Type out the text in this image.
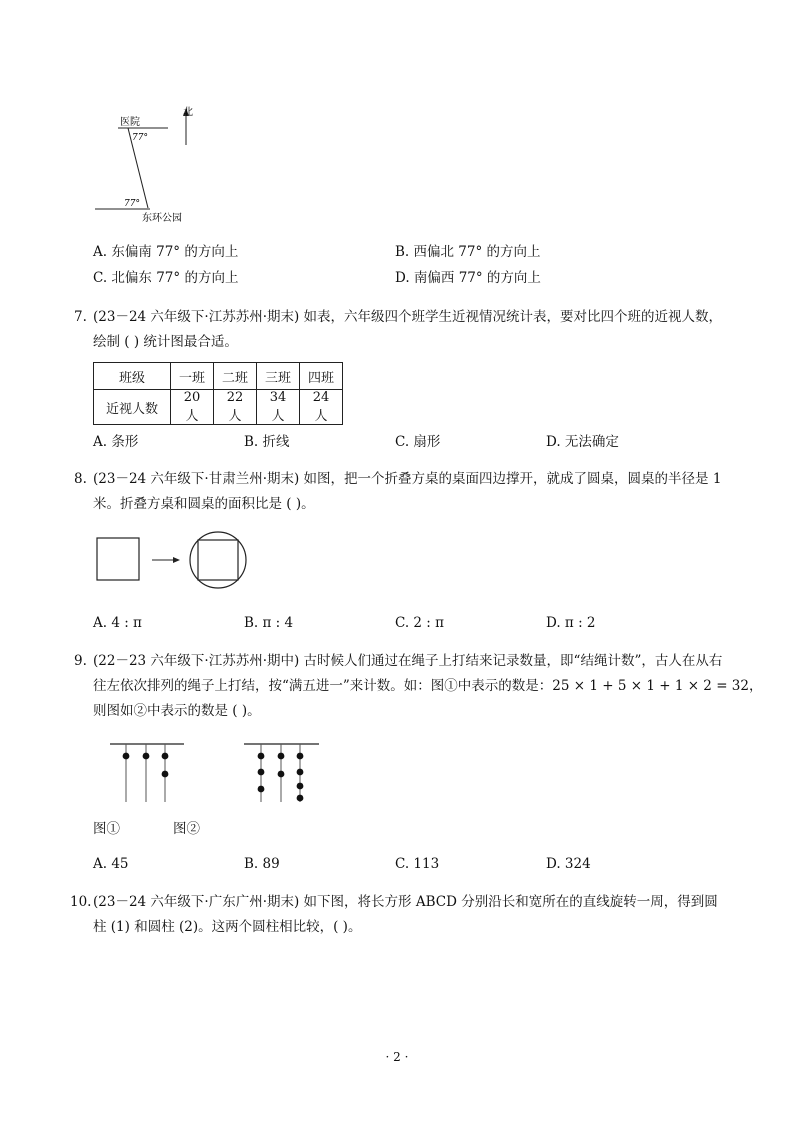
北
医院
77°
77°
东环公园
A. 东偏南 77° 的方向上	B. 西偏北 77° 的方向上
C. 北偏东 77° 的方向上	D. 南偏西 77° 的方向上
7. (23－24 六年级下·江苏苏州·期末) 如表，六年级四个班学生近视情况统计表，要对比四个班的近视人数，
绘制 ( ) 统计图最合适。
班级	一班	二班	三班	四班
近视人数	20 人	22 人	34 人	24 人
A. 条形	B. 折线	C. 扇形	D. 无法确定
8. (23－24 六年级下·甘肃兰州·期末) 如图，把一个折叠方桌的桌面四边撑开，就成了圆桌，圆桌的半径是 1
米。折叠方桌和圆桌的面积比是 ( )。
A. 4 : π	B. π : 4	C. 2 : π	D. π : 2
9. (22－23 六年级下·江苏苏州·期中) 古时候人们通过在绳子上打结来记录数量，即“结绳计数”，古人在从右
往左依次排列的绳子上打结，按“满五进一”来计数。如：图①中表示的数是：25 × 1 + 5 × 1 + 1 × 2 = 32，
则图如②中表示的数是 ( )。
图①	图②
A. 45	B. 89	C. 113	D. 324
10. (23－24 六年级下·广东广州·期末) 如下图，将长方形 ABCD 分别沿长和宽所在的直线旋转一周，得到圆
柱 (1) 和圆柱 (2)。这两个圆柱相比较，( )。
· 2 ·
